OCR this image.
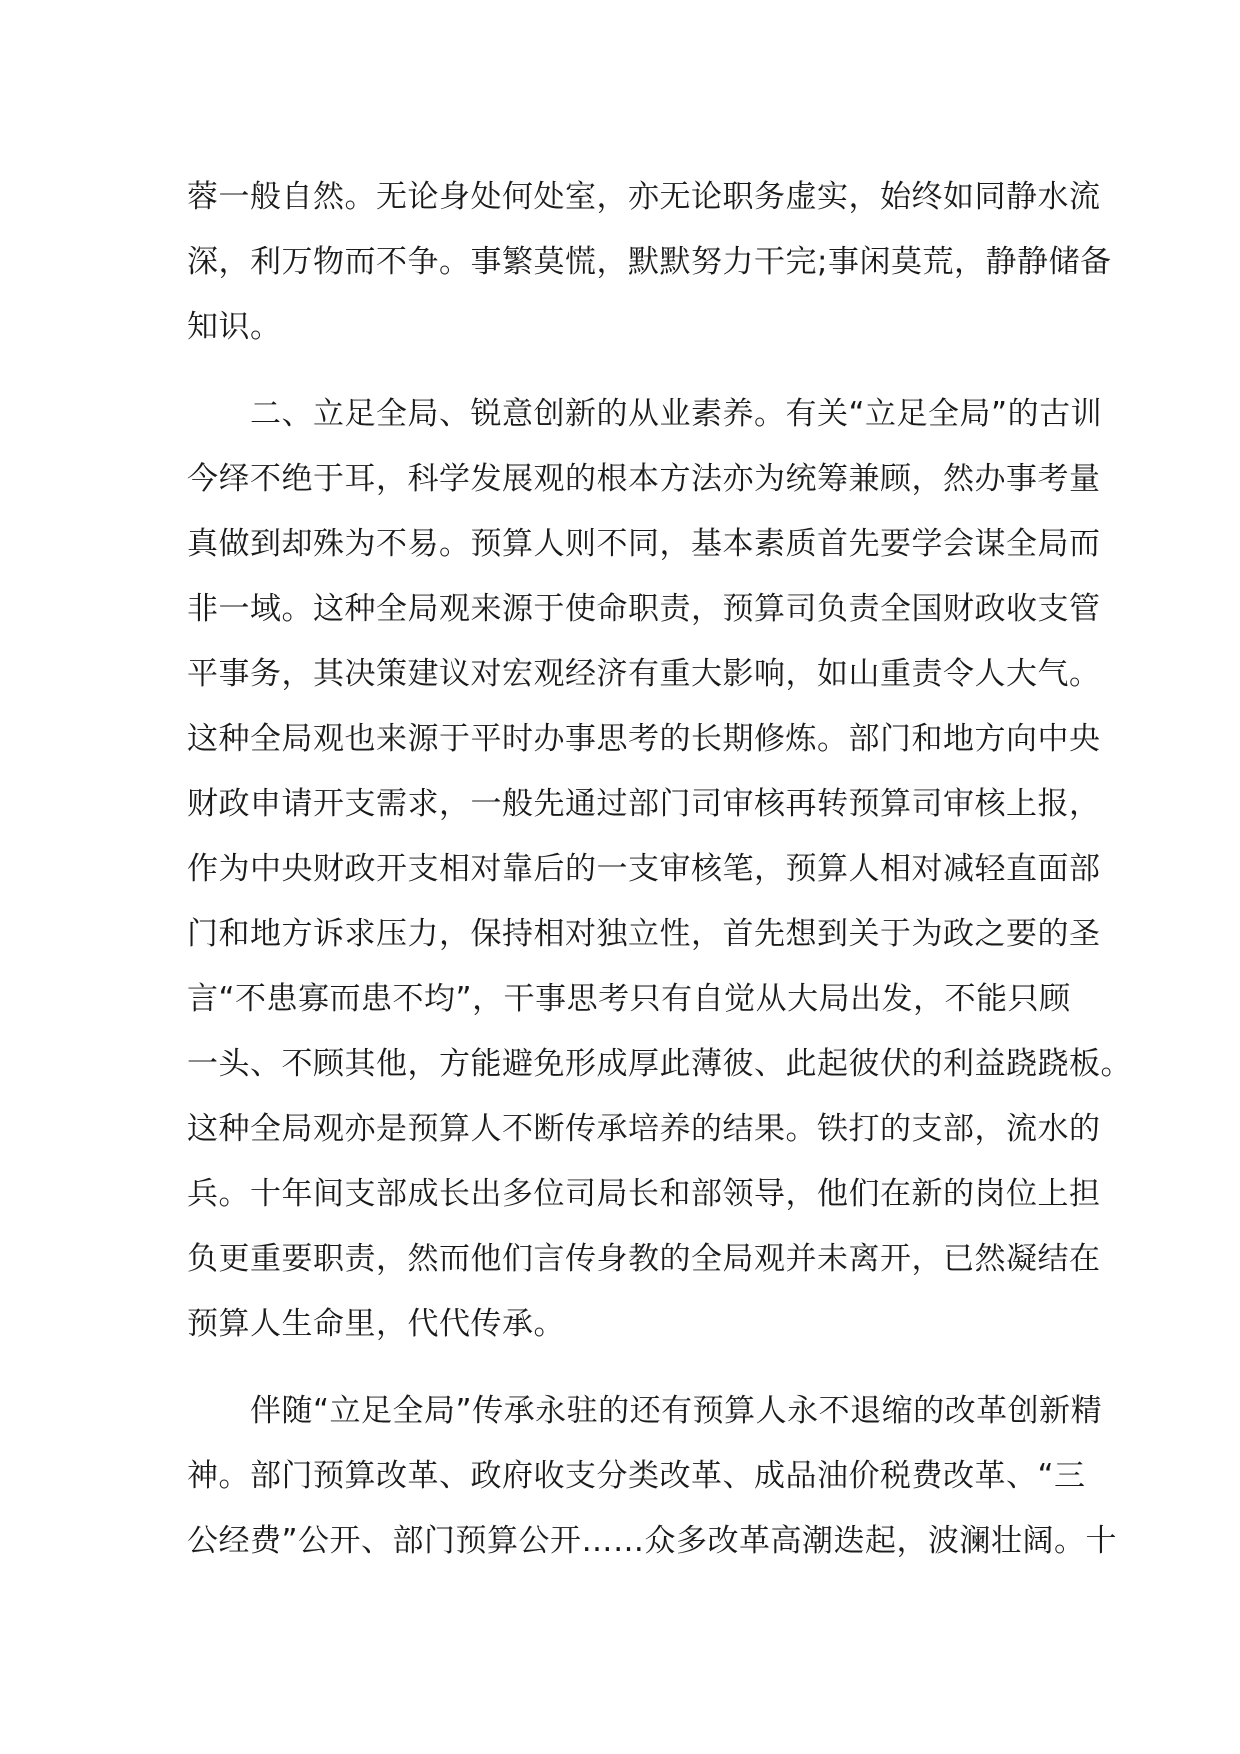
蓉一般自然。无论身处何处室，亦无论职务虚实，始终如同静水流
深，利万物而不争。事繁莫慌，默默努力干完;事闲莫荒，静静储备
知识。
　　二、立足全局、锐意创新的从业素养。有关“立足全局”的古训
今绎不绝于耳，科学发展观的根本方法亦为统筹兼顾，然办事考量
真做到却殊为不易。预算人则不同，基本素质首先要学会谋全局而
非一域。这种全局观来源于使命职责，预算司负责全国财政收支管
平事务，其决策建议对宏观经济有重大影响，如山重责令人大气。
这种全局观也来源于平时办事思考的长期修炼。部门和地方向中央
财政申请开支需求，一般先通过部门司审核再转预算司审核上报，
作为中央财政开支相对靠后的一支审核笔，预算人相对减轻直面部
门和地方诉求压力，保持相对独立性，首先想到关于为政之要的圣
言“不患寡而患不均”，干事思考只有自觉从大局出发，不能只顾
一头、不顾其他，方能避免形成厚此薄彼、此起彼伏的利益跷跷板。
这种全局观亦是预算人不断传承培养的结果。铁打的支部，流水的
兵。十年间支部成长出多位司局长和部领导，他们在新的岗位上担
负更重要职责，然而他们言传身教的全局观并未离开，已然凝结在
预算人生命里，代代传承。
　　伴随“立足全局”传承永驻的还有预算人永不退缩的改革创新精
神。部门预算改革、政府收支分类改革、成品油价税费改革、“三
公经费”公开、部门预算公开……众多改革高潮迭起，波澜壮阔。十
